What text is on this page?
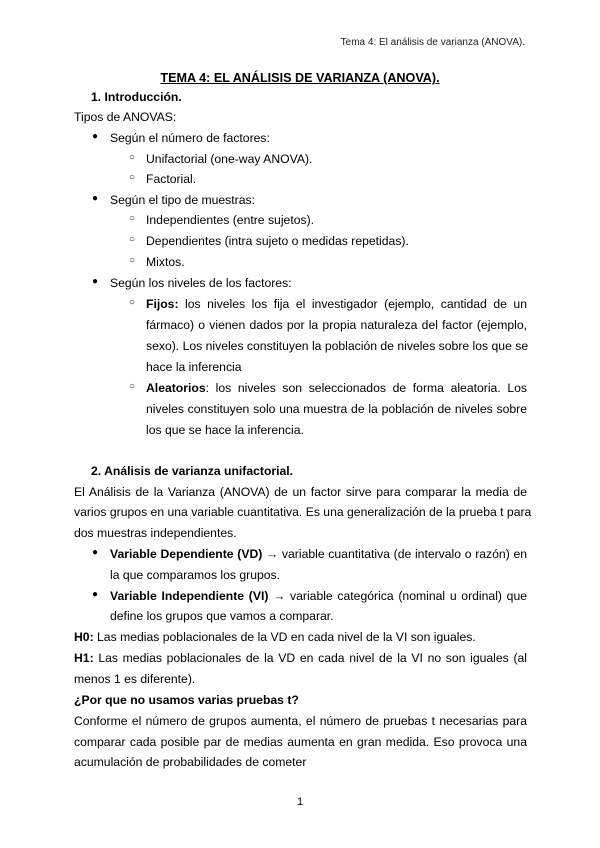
Tema 4: El análisis de varianza (ANOVA).
TEMA 4: EL ANÁLISIS DE VARIANZA (ANOVA).
1. Introducción.
Tipos de ANOVAS:
● Según el número de factores:
○ Unifactorial (one-way ANOVA).
○ Factorial.
● Según el tipo de muestras:
○ Independientes (entre sujetos).
○ Dependientes (intra sujeto o medidas repetidas).
○ Mixtos.
● Según los niveles de los factores:
○ Fijos: los niveles los fija el investigador (ejemplo, cantidad de un
fármaco) o vienen dados por la propia naturaleza del factor (ejemplo,
sexo). Los niveles constituyen la población de niveles sobre los que se
hace la inferencia
○ Aleatorios: los niveles son seleccionados de forma aleatoria. Los
niveles constituyen solo una muestra de la población de niveles sobre
los que se hace la inferencia.
2. Análisis de varianza unifactorial.
El Análisis de la Varianza (ANOVA) de un factor sirve para comparar la media de
varios grupos en una variable cuantitativa. Es una generalización de la prueba t para
dos muestras independientes.
● Variable Dependiente (VD) → variable cuantitativa (de intervalo o razón) en
la que comparamos los grupos.
● Variable Independiente (VI) → variable categórica (nominal u ordinal) que
define los grupos que vamos a comparar.
H0: Las medias poblacionales de la VD en cada nivel de la VI son iguales.
H1: Las medias poblacionales de la VD en cada nivel de la VI no son iguales (al
menos 1 es diferente).
¿Por que no usamos varias pruebas t?
Conforme el número de grupos aumenta, el número de pruebas t necesarias para
comparar cada posible par de medias aumenta en gran medida. Eso provoca una
acumulación de probabilidades de cometer
1
